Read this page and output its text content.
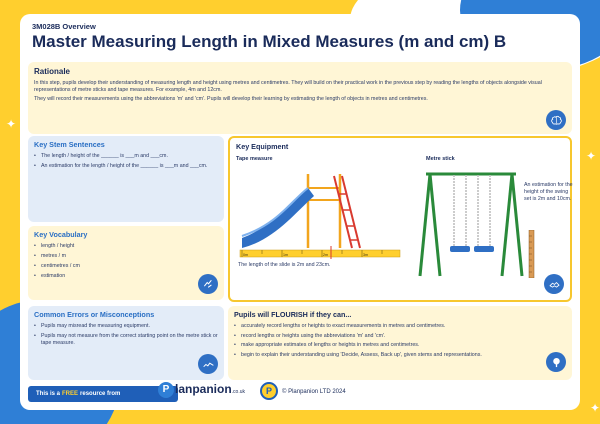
✦
✦
✦
3M028B Overview
Master Measuring Length in Mixed Measures (m and cm) B
Rationale

In this step, pupils develop their understanding of measuring length and height using metres and centimetres. They will build on their practical work in the previous step by reading the lengths of objects alongside visual representations of metre sticks and tape measures. For example, 4m and 12cm.

They will record their measurements using the abbreviations 'm' and 'cm'. Pupils will develop their learning by estimating the length of objects in metres and centimetres.

Key Stem Sentences
• The length / height of the ______ is ___m and ___cm.
• An estimation for the length / height of the ______ is ___m and ___cm.
Key Vocabulary
• length / height
• metres / m
• centimetres / cm
• estimation
Common Errors or Misconceptions
• Pupils may misread the measuring equipment.
• Pupils may not measure from the correct starting point on the metre stick or tape measure.
Key Equipment
Tape measure	Metre stick
0m	1m	2m	3m
The length of the slide is 2m and 23cm.
An estimation for the height of the swing set is 2m and 10cm.
Pupils will FLOURISH if they can...
• accurately record lengths or heights to exact measurements in metres and centimetres.
• record lengths or heights using the abbreviations 'm' and 'cm'.
• make appropriate estimates of lengths or heights in metres and centimetres.
• begin to explain their understanding using 'Decide, Assess, Back up', given stems and representations.
This is a FREE resource from	P lanpanion.co.uk	P	© Planpanion LTD 2024
